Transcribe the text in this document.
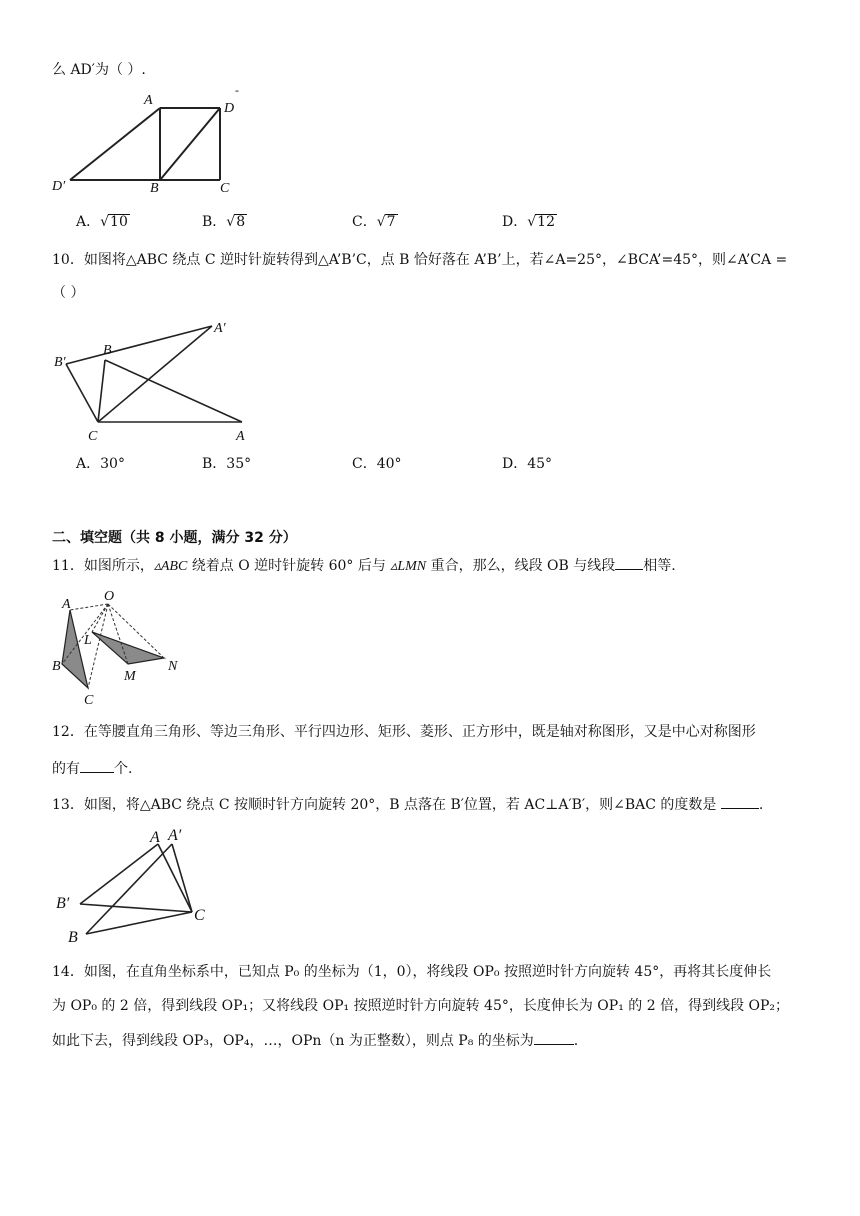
么 AD′为（ ）.
A
D
-
D′	B	C
A．√10	B．√8	C．√7	D．√12
10．如图将△ABC 绕点 C 逆时针旋转得到△A’B’C，点 B 恰好落在 A’B’上，若∠A=25°，∠BCA’=45°，则∠A’CA =
（ ）
B′
B
A′
C	A
A．30°	B．35°	C．40°	D．45°
二、填空题（共 8 小题，满分 32 分）
11．如图所示，▵ABC 绕着点 O 逆时针旋转 60° 后与 ▵LMN 重合，那么，线段 OB 与线段 相等.
A
O
L
B
M
N
C
12．在等腰直角三角形、等边三角形、平行四边形、矩形、菱形、正方形中，既是轴对称图形，又是中心对称图形
的有 个.
13．如图，将△ABC 绕点 C 按顺时针方向旋转 20°，B 点落在 B′位置，若 AC⊥A′B′，则∠BAC 的度数是	.
A A′
B′
C
B
14．如图，在直角坐标系中，已知点 P₀ 的坐标为（1，0），将线段 OP₀ 按照逆时针方向旋转 45°，再将其长度伸长
为 OP₀ 的 2 倍，得到线段 OP₁；又将线段 OP₁ 按照逆时针方向旋转 45°，长度伸长为 OP₁ 的 2 倍，得到线段 OP₂；
如此下去，得到线段 OP₃，OP₄，…，OPn（n 为正整数），则点 P₈ 的坐标为	.
